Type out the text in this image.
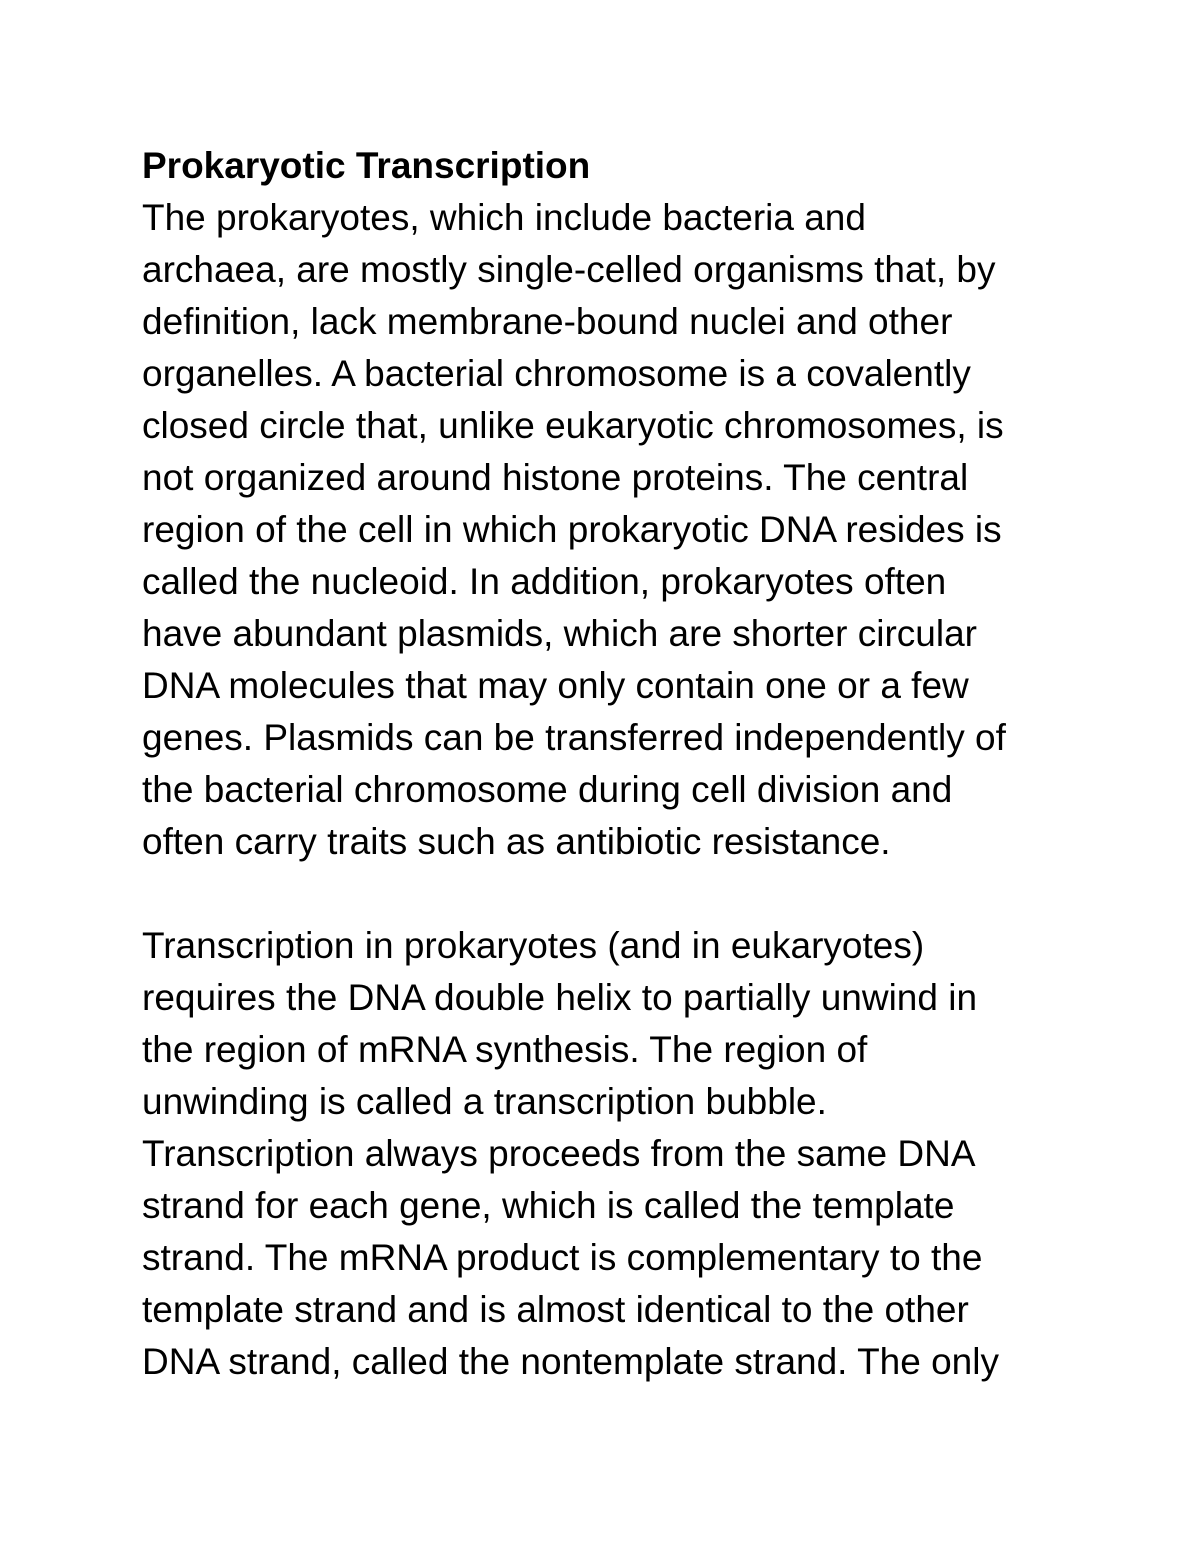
Prokaryotic Transcription
The prokaryotes, which include bacteria and
archaea, are mostly single-celled organisms that, by
definition, lack membrane-bound nuclei and other
organelles. A bacterial chromosome is a covalently
closed circle that, unlike eukaryotic chromosomes, is
not organized around histone proteins. The central
region of the cell in which prokaryotic DNA resides is
called the nucleoid. In addition, prokaryotes often
have abundant plasmids, which are shorter circular
DNA molecules that may only contain one or a few
genes. Plasmids can be transferred independently of
the bacterial chromosome during cell division and
often carry traits such as antibiotic resistance.
Transcription in prokaryotes (and in eukaryotes)
requires the DNA double helix to partially unwind in
the region of mRNA synthesis. The region of
unwinding is called a transcription bubble.
Transcription always proceeds from the same DNA
strand for each gene, which is called the template
strand. The mRNA product is complementary to the
template strand and is almost identical to the other
DNA strand, called the nontemplate strand. The only
